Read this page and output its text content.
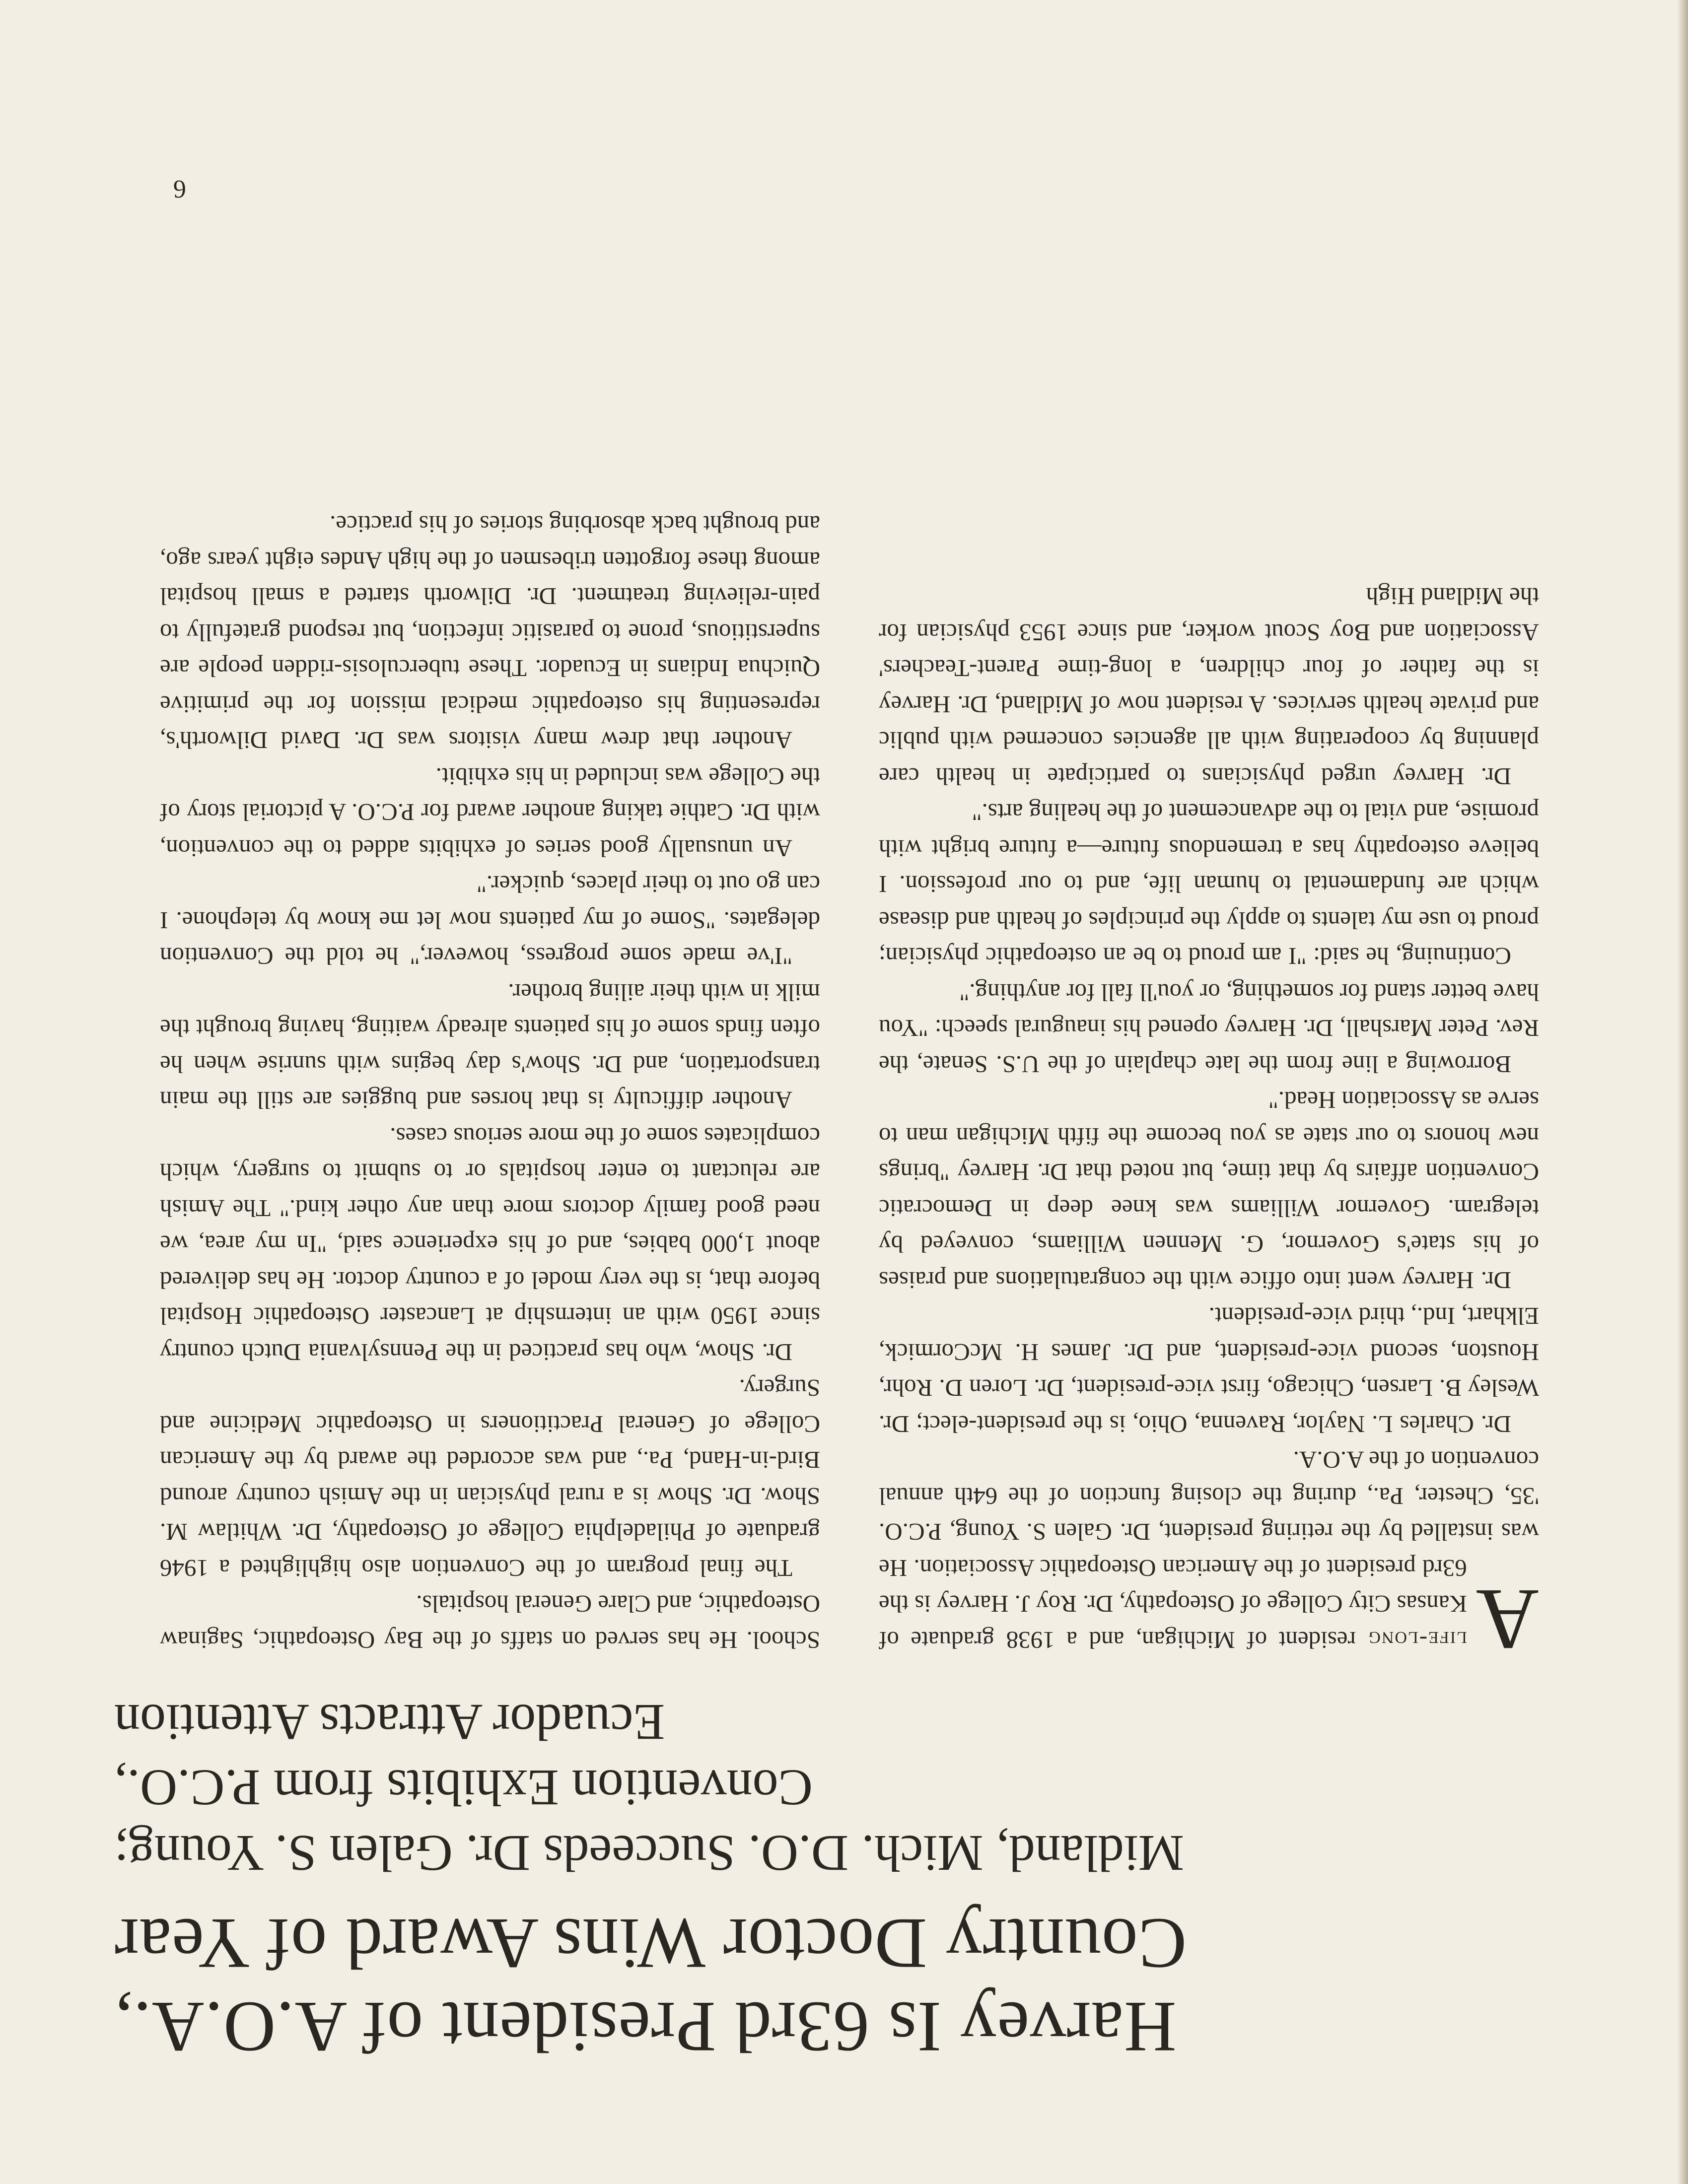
Harvey Is 63rd President of A.O.A.,
Country Doctor Wins Award of Year
Midland, Mich. D.O. Succeeds Dr. Galen S. Young;
Convention Exhibits from P.C.O.,
Ecuador Attracts Attention

A
life-long resident of Michigan, and a 1938 graduate of Kansas City College of Osteopathy, Dr. Roy J. Harvey is the 63rd president of the American Osteopathic Association. He was installed by the retiring president, Dr. Galen S. Young, P.C.O. '35, Chester, Pa., during the closing function of the 64th annual convention of the A.O.A.

Dr. Charles L. Naylor, Ravenna, Ohio, is the president-elect; Dr. Wesley B. Larsen, Chicago, first vice-president, Dr. Loren D. Rohr, Houston, second vice-president, and Dr. James H. McCormick, Elkhart, Ind., third vice-president.

Dr. Harvey went into office with the congratulations and praises of his state's Governor, G. Mennen Williams, conveyed by telegram. Governor Williams was knee deep in Democratic Convention affairs by that time, but noted that Dr. Harvey "brings new honors to our state as you become the fifth Michigan man to serve as Association Head."

Borrowing a line from the late chaplain of the U.S. Senate, the Rev. Peter Marshall, Dr. Harvey opened his inaugural speech: "You have better stand for something, or you'll fall for anything."

Continuing, he said: "I am proud to be an osteopathic physician; proud to use my talents to apply the principles of health and disease which are fundamental to human life, and to our profession. I believe osteopathy has a tremendous future—a future bright with promise, and vital to the advancement of the healing arts."

Dr. Harvey urged physicians to participate in health care planning by cooperating with all agencies concerned with public and private health services. A resident now of Midland, Dr. Harvey is the father of four children, a long-time Parent-Teachers' Association and Boy Scout worker, and since 1953 physician for the Midland High

School. He has served on staffs of the Bay Osteopathic, Saginaw Osteopathic, and Clare General hospitals.

The final program of the Convention also highlighted a 1946 graduate of Philadelphia College of Osteopathy, Dr. Whitlaw M. Show. Dr. Show is a rural physician in the Amish country around Bird-in-Hand, Pa., and was accorded the award by the American College of General Practitioners in Osteopathic Medicine and Surgery.

Dr. Show, who has practiced in the Pennsylvania Dutch country since 1950 with an internship at Lancaster Osteopathic Hospital before that, is the very model of a country doctor. He has delivered about 1,000 babies, and of his experience said, "In my area, we need good family doctors more than any other kind." The Amish are reluctant to enter hospitals or to submit to surgery, which complicates some of the more serious cases.

Another difficulty is that horses and buggies are still the main transportation, and Dr. Show's day begins with sunrise when he often finds some of his patients already waiting, having brought the milk in with their ailing brother.

"I've made some progress, however," he told the Convention delegates. "Some of my patients now let me know by telephone. I can go out to their places, quicker."

An unusually good series of exhibits added to the convention, with Dr. Cathie taking another award for P.C.O. A pictorial story of the College was included in his exhibit.

Another that drew many visitors was Dr. David Dilworth's, representing his osteopathic medical mission for the primitive Quichua Indians in Ecuador. These tuberculosis-ridden people are superstitious, prone to parasitic infection, but respond gratefully to pain-relieving treatment. Dr. Dilworth started a small hospital among these forgotten tribesmen of the high Andes eight years ago, and brought back absorbing stories of his practice.

6
